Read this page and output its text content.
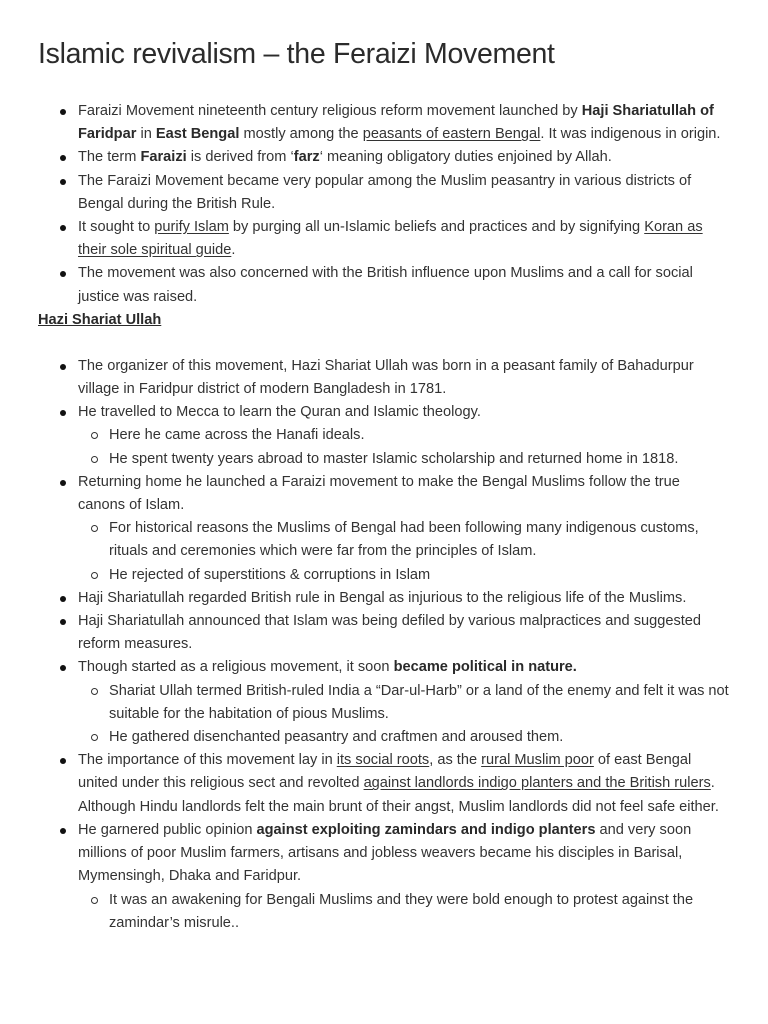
Islamic revivalism – the Feraizi Movement
Faraizi Movement nineteenth century religious reform movement launched by Haji Shariatullah of Faridpar in East Bengal mostly among the peasants of eastern Bengal. It was indigenous in origin.
The term Faraizi is derived from ‘farz‘ meaning obligatory duties enjoined by Allah.
The Faraizi Movement became very popular among the Muslim peasantry in various districts of Bengal during the British Rule.
It sought to purify Islam by purging all un-Islamic beliefs and practices and by signifying Koran as their sole spiritual guide.
The movement was also concerned with the British influence upon Muslims and a call for social justice was raised.
Hazi Shariat Ullah
The organizer of this movement, Hazi Shariat Ullah was born in a peasant family of Bahadurpur village in Faridpur district of modern Bangladesh in 1781.
He travelled to Mecca to learn the Quran and Islamic theology.
Here he came across the Hanafi ideals.
He spent twenty years abroad to master Islamic scholarship and returned home in 1818.
Returning home he launched a Faraizi movement to make the Bengal Muslims follow the true canons of Islam.
For historical reasons the Muslims of Bengal had been following many indigenous customs, rituals and ceremonies which were far from the principles of Islam.
He rejected of superstitions & corruptions in Islam
Haji Shariatullah regarded British rule in Bengal as injurious to the religious life of the Muslims.
Haji Shariatullah announced that Islam was being defiled by various malpractices and suggested reform measures.
Though started as a religious movement, it soon became political in nature.
Shariat Ullah termed British-ruled India a “Dar-ul-Harb” or a land of the enemy and felt it was not suitable for the habitation of pious Muslims.
He gathered disenchanted peasantry and craftmen and aroused them.
The importance of this movement lay in its social roots, as the rural Muslim poor of east Bengal united under this religious sect and revolted against landlords indigo planters and the British rulers. Although Hindu landlords felt the main brunt of their angst, Muslim landlords did not feel safe either.
He garnered public opinion against exploiting zamindars and indigo planters and very soon millions of poor Muslim farmers, artisans and jobless weavers became his disciples in Barisal, Mymensingh, Dhaka and Faridpur.
It was an awakening for Bengali Muslims and they were bold enough to protest against the zamindar’s misrule..
